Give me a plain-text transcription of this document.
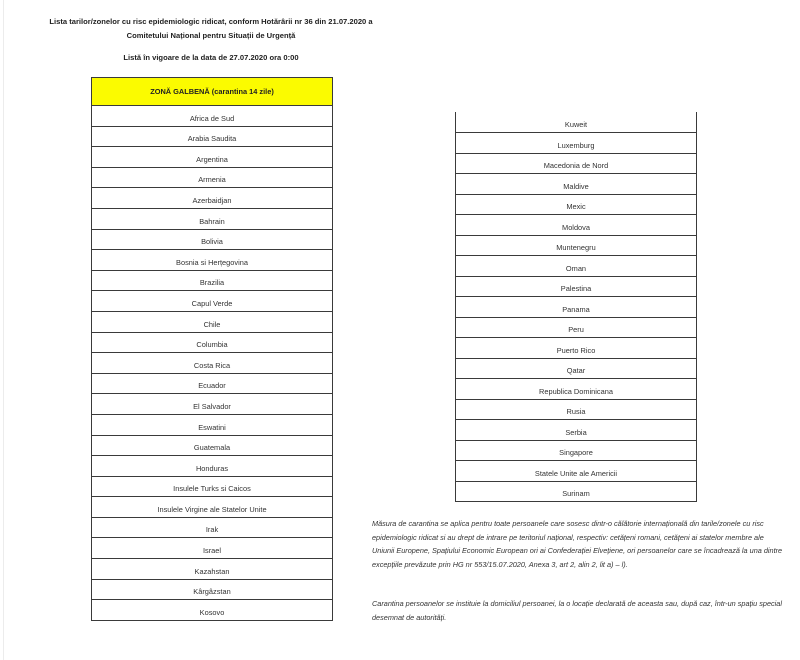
Lista tarilor/zonelor cu risc epidemiologic ridicat, conform Hotărârii nr 36 din 21.07.2020 a
Comitetului Național pentru Situații de Urgență
Listă în vigoare de la data de 27.07.2020 ora 0:00
ZONĂ GALBENĂ (carantina 14 zile)
Africa de Sud
Arabia Saudita
Argentina
Armenia
Azerbaidjan
Bahrain
Bolivia
Bosnia si Herțegovina
Brazilia
Capul Verde
Chile
Columbia
Costa Rica
Ecuador
El Salvador
Eswatini
Guatemala
Honduras
Insulele Turks si Caicos
Insulele Virgine ale Statelor Unite
Irak
Israel
Kazahstan
Kârgâzstan
Kosovo
Kuweit
Luxemburg
Macedonia de Nord
Maldive
Mexic
Moldova
Muntenegru
Oman
Palestina
Panama
Peru
Puerto Rico
Qatar
Republica Dominicana
Rusia
Serbia
Singapore
Statele Unite ale Americii
Surinam

Măsura de carantina se aplica pentru toate persoanele care sosesc dintr-o călătorie internațională din tarile/zonele cu risc epidemiologic ridicat si au drept de intrare pe teritoriul național, respectiv: cetățeni romani, cetățeni ai statelor membre ale Uniunii Europene, Spațiului Economic European ori ai Confederației Elvețiene, ori persoanelor care se încadrează la una dintre excepțiile prevăzute prin HG nr 553/15.07.2020, Anexa 3, art 2, alin 2, lit a) – l).

Carantina persoanelor se instituie la domiciliul persoanei, la o locație declarată de aceasta sau, după caz, într-un spațiu special desemnat de autorități.
